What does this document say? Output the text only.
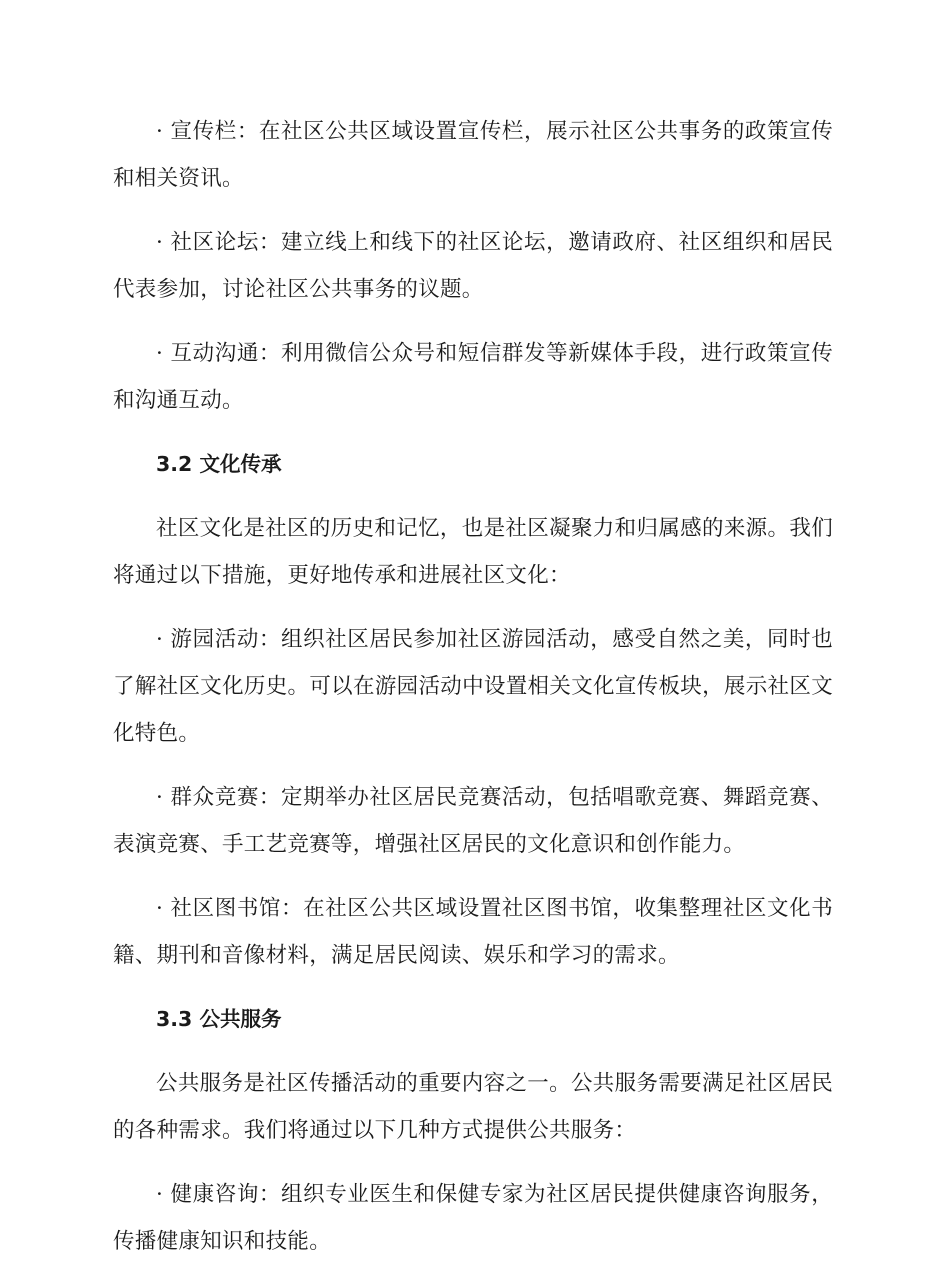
· 宣传栏：在社区公共区域设置宣传栏，展示社区公共事务的政策宣传和相关资讯。

· 社区论坛：建立线上和线下的社区论坛，邀请政府、社区组织和居民代表参加，讨论社区公共事务的议题。

· 互动沟通：利用微信公众号和短信群发等新媒体手段，进行政策宣传和沟通互动。

3.2 文化传承

社区文化是社区的历史和记忆，也是社区凝聚力和归属感的来源。我们将通过以下措施，更好地传承和进展社区文化：

· 游园活动：组织社区居民参加社区游园活动，感受自然之美，同时也了解社区文化历史。可以在游园活动中设置相关文化宣传板块，展示社区文化特色。

· 群众竞赛：定期举办社区居民竞赛活动，包括唱歌竞赛、舞蹈竞赛、表演竞赛、手工艺竞赛等，增强社区居民的文化意识和创作能力。

· 社区图书馆：在社区公共区域设置社区图书馆，收集整理社区文化书籍、期刊和音像材料，满足居民阅读、娱乐和学习的需求。

3.3 公共服务

公共服务是社区传播活动的重要内容之一。公共服务需要满足社区居民的各种需求。我们将通过以下几种方式提供公共服务：

· 健康咨询：组织专业医生和保健专家为社区居民提供健康咨询服务，传播健康知识和技能。
